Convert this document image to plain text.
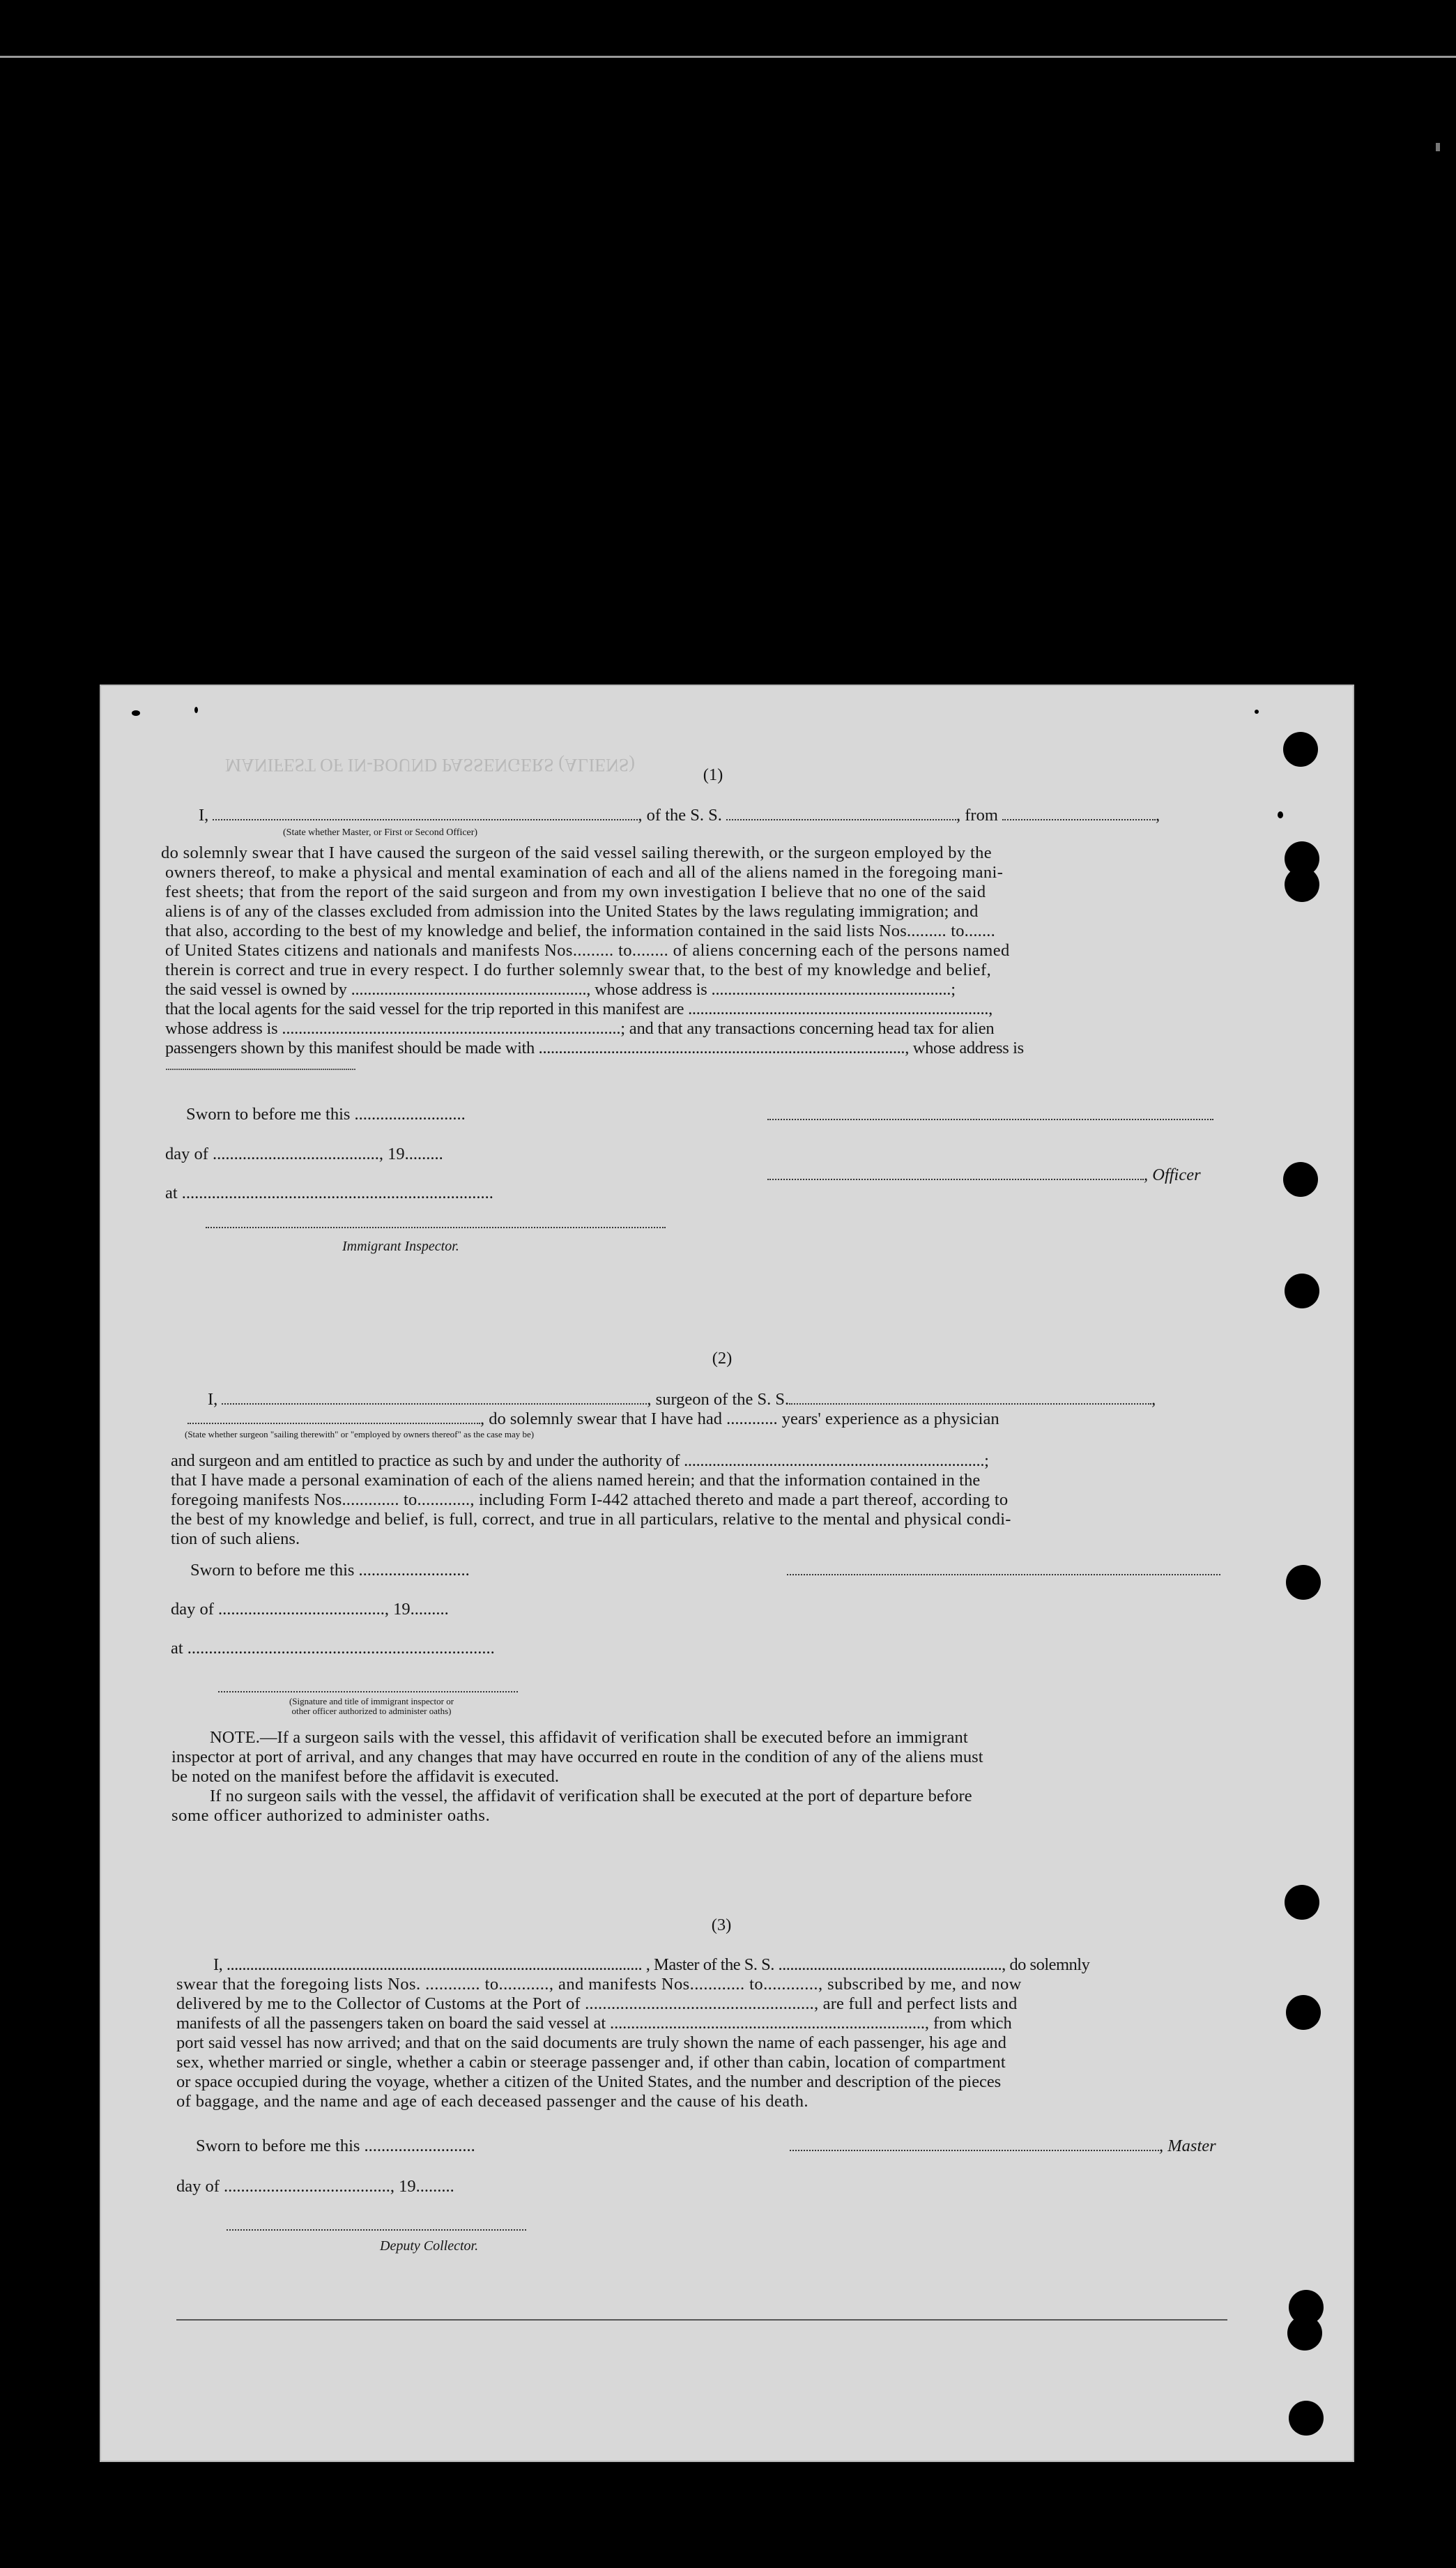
MANIFEST OF IN-BOUND PASSENGERS (ALIENS)	(1)
I,	, of the S. S.	, from	,
(State whether Master, or First or Second Officer)
do solemnly swear that I have caused the surgeon of the said vessel sailing therewith, or the surgeon employed by the
owners thereof, to make a physical and mental examination of each and all of the aliens named in the foregoing mani-
fest sheets; that from the report of the said surgeon and from my own investigation I believe that no one of the said
aliens is of any of the classes excluded from admission into the United States by the laws regulating immigration; and
that also, according to the best of my knowledge and belief, the information contained in the said lists Nos......... to.......
of United States citizens and nationals and manifests Nos......... to........ of aliens concerning each of the persons named
therein is correct and true in every respect. I do further solemnly swear that, to the best of my knowledge and belief,
the said vessel is owned by ........................................................., whose address is ..........................................................;
that the local agents for the said vessel for the trip reported in this manifest are ..........................................................................,
whose address is ..................................................................................; and that any transactions concerning head tax for alien
passengers shown by this manifest should be made with ..........................................................................................., whose address is
...........................................................................................
Sworn to before me this ..........................
day of ......................................., 19.........
, Officer
at .........................................................................
Immigrant Inspector.
(2)
I,	, surgeon of the S. S.	,
, do solemnly swear that I have had ............ years' experience as a physician
(State whether surgeon "sailing therewith" or "employed by owners thereof" as the case may be)
and surgeon and am entitled to practice as such by and under the authority of ..........................................................................;
that I have made a personal examination of each of the aliens named herein; and that the information contained in the
foregoing manifests Nos............. to............, including Form I-442 attached thereto and made a part thereof, according to
the best of my knowledge and belief, is full, correct, and true in all particulars, relative to the mental and physical condi-
tion of such aliens.
Sworn to before me this ..........................
day of ......................................., 19.........
at ........................................................................
(Signature and title of immigrant inspector or
other officer authorized to administer oaths)
NOTE.—If a surgeon sails with the vessel, this affidavit of verification shall be executed before an immigrant
inspector at port of arrival, and any changes that may have occurred en route in the condition of any of the aliens must
be noted on the manifest before the affidavit is executed.
If no surgeon sails with the vessel, the affidavit of verification shall be executed at the port of departure before
some officer authorized to administer oaths.
(3)
I, .......................................................................................................... , Master of the S. S. ........................................................., do solemnly
swear that the foregoing lists Nos. ............ to..........., and manifests Nos............ to............, subscribed by me, and now
delivered by me to the Collector of Customs at the Port of ...................................................., are full and perfect lists and
manifests of all the passengers taken on board the said vessel at ..........................................................................., from which
port said vessel has now arrived; and that on the said documents are truly shown the name of each passenger, his age and
sex, whether married or single, whether a cabin or steerage passenger and, if other than cabin, location of compartment
or space occupied during the voyage, whether a citizen of the United States, and the number and description of the pieces
of baggage, and the name and age of each deceased passenger and the cause of his death.
Sworn to before me this ..........................	, Master
day of ......................................., 19.........
Deputy Collector.
